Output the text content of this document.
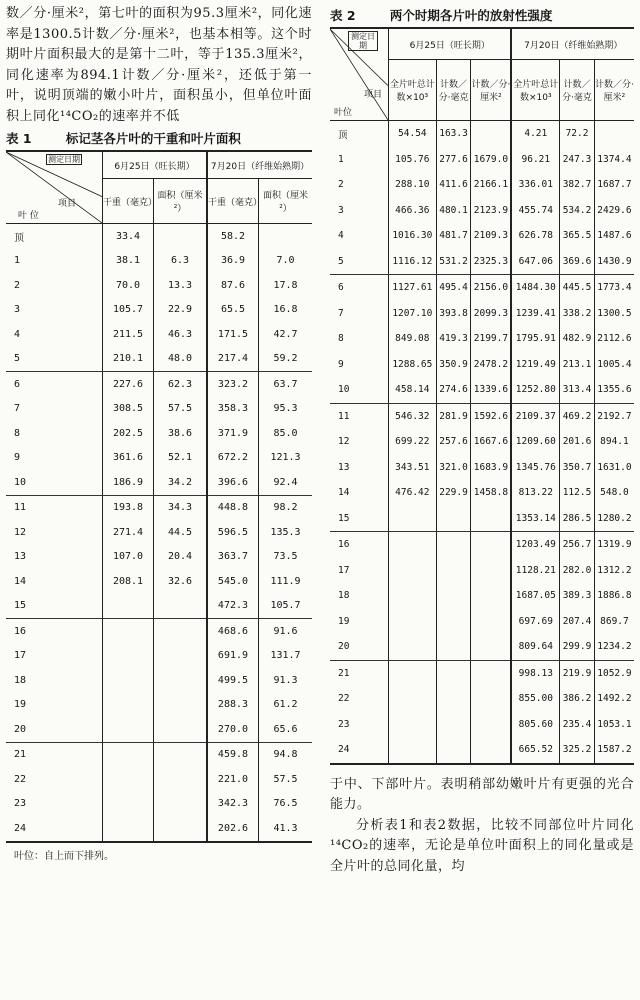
数／分·厘米²，第七叶的面积为95.3厘米²，同化速率是1300.5计数／分·厘米²，也基本相等。这个时期叶片面积最大的是第十二叶，等于135.3厘米²，同化速率为894.1计数／分·厘米²，还低于第一叶，说明顶端的嫩小叶片，面积虽小，但单位叶面积上同化¹⁴CO₂的速率并不低

表 1	标记茎各片叶的干重和叶片面积
测定日期
项目
叶 位	6月25日（旺长期）		7月20日（纤维始熟期）	
	干重（毫克）	面积（厘米²）	干重（毫克）	面积（厘米²）
顶	33.4		58.2	
1	38.1	6.3	36.9	7.0
2	70.0	13.3	87.6	17.8
3	105.7	22.9	65.5	16.8
4	211.5	46.3	171.5	42.7
5	210.1	48.0	217.4	59.2
6	227.6	62.3	323.2	63.7
7	308.5	57.5	358.3	95.3
8	202.5	38.6	371.9	85.0
9	361.6	52.1	672.2	121.3
10	186.9	34.2	396.6	92.4
11	193.8	34.3	448.8	98.2
12	271.4	44.5	596.5	135.3
13	107.0	20.4	363.7	73.5
14	208.1	32.6	545.0	111.9
15			472.3	105.7
16			468.6	91.6
17			691.9	131.7
18			499.5	91.3
19			288.3	61.2
20			270.0	65.6
21			459.8	94.8
22			221.0	57.5
23			342.3	76.5
24			202.6	41.3
叶位：自上而下排列。
表 2	两个时期各片叶的放射性强度
测定日期
项目
叶位	6月25日（旺长期）			7月20日（纤维始熟期）		
	全片叶总计数×10³	计数／分·毫克	计数／分·厘米²	全片叶总计数×10³	计数／分·毫克	计数／分·厘米²
顶	54.54	163.3		4.21	72.2	
1	105.76	277.6	1679.0	96.21	247.3	1374.4
2	288.10	411.6	2166.1	336.01	382.7	1687.7
3	466.36	480.1	2123.9	455.74	534.2	2429.6
4	1016.30	481.7	2109.3	626.78	365.5	1487.6
5	1116.12	531.2	2325.3	647.06	369.6	1430.9
6	1127.61	495.4	2156.0	1484.30	445.5	1773.4
7	1207.10	393.8	2099.3	1239.41	338.2	1300.5
8	849.08	419.3	2199.7	1795.91	482.9	2112.6
9	1288.65	350.9	2478.2	1219.49	213.1	1005.4
10	458.14	274.6	1339.6	1252.80	313.4	1355.6
11	546.32	281.9	1592.6	2109.37	469.2	2192.7
12	699.22	257.6	1667.6	1209.60	201.6	894.1
13	343.51	321.0	1683.9	1345.76	350.7	1631.0
14	476.42	229.9	1458.8	813.22	112.5	548.0
15				1353.14	286.5	1280.2
16				1203.49	256.7	1319.9
17				1128.21	282.0	1312.2
18				1687.05	389.3	1886.8
19				697.69	207.4	869.7
20				809.64	299.9	1234.2
21				998.13	219.9	1052.9
22				855.00	386.2	1492.2
23				805.60	235.4	1053.1
24				665.52	325.2	1587.2

于中、下部叶片。表明稍部幼嫩叶片有更强的光合能力。

分析表1和表2数据，比较不同部位叶片同化¹⁴CO₂的速率，无论是单位叶面积上的同化量或是全片叶的总同化量，均
